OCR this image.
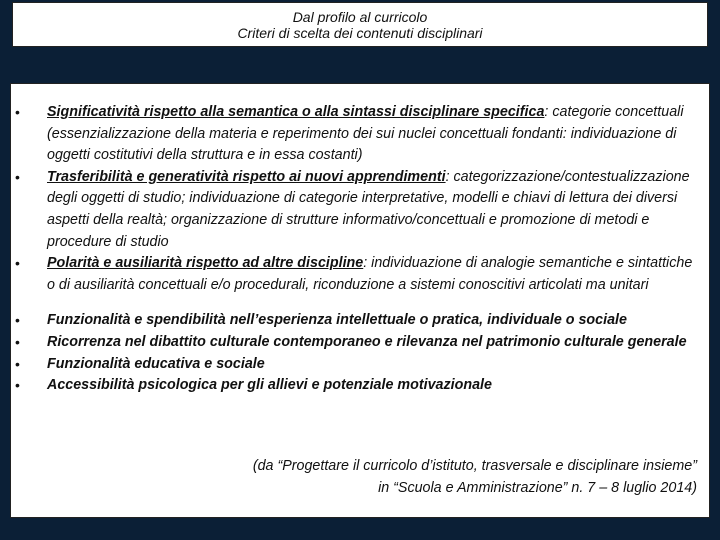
Dal profilo al curricolo
Criteri di scelta dei contenuti disciplinari
• Significatività rispetto alla semantica o alla sintassi disciplinare specifica: categorie concettuali (essenzializzazione della materia e reperimento dei sui nuclei concettuali fondanti: individuazione di oggetti costitutivi della struttura e in essa costanti)
• Trasferibilità e generatività rispetto ai nuovi apprendimenti: categorizzazione/contestualizzazione degli oggetti di studio; individuazione di categorie interpretative, modelli e chiavi di lettura dei diversi aspetti della realtà; organizzazione di strutture informativo/concettuali e promozione di metodi e procedure di studio
• Polarità e ausiliarità rispetto ad altre discipline: individuazione di analogie semantiche e sintattiche o di ausiliarità concettuali e/o procedurali, riconduzione a sistemi conoscitivi articolati ma unitari
• Funzionalità e spendibilità nell’esperienza intellettuale o pratica, individuale o sociale
• Ricorrenza nel dibattito culturale contemporaneo e rilevanza nel patrimonio culturale generale
• Funzionalità educativa e sociale
• Accessibilità psicologica per gli allievi e potenziale motivazionale
(da “Progettare il curricolo d’istituto, trasversale e disciplinare insieme”
in “Scuola e Amministrazione” n. 7 – 8 luglio 2014)
